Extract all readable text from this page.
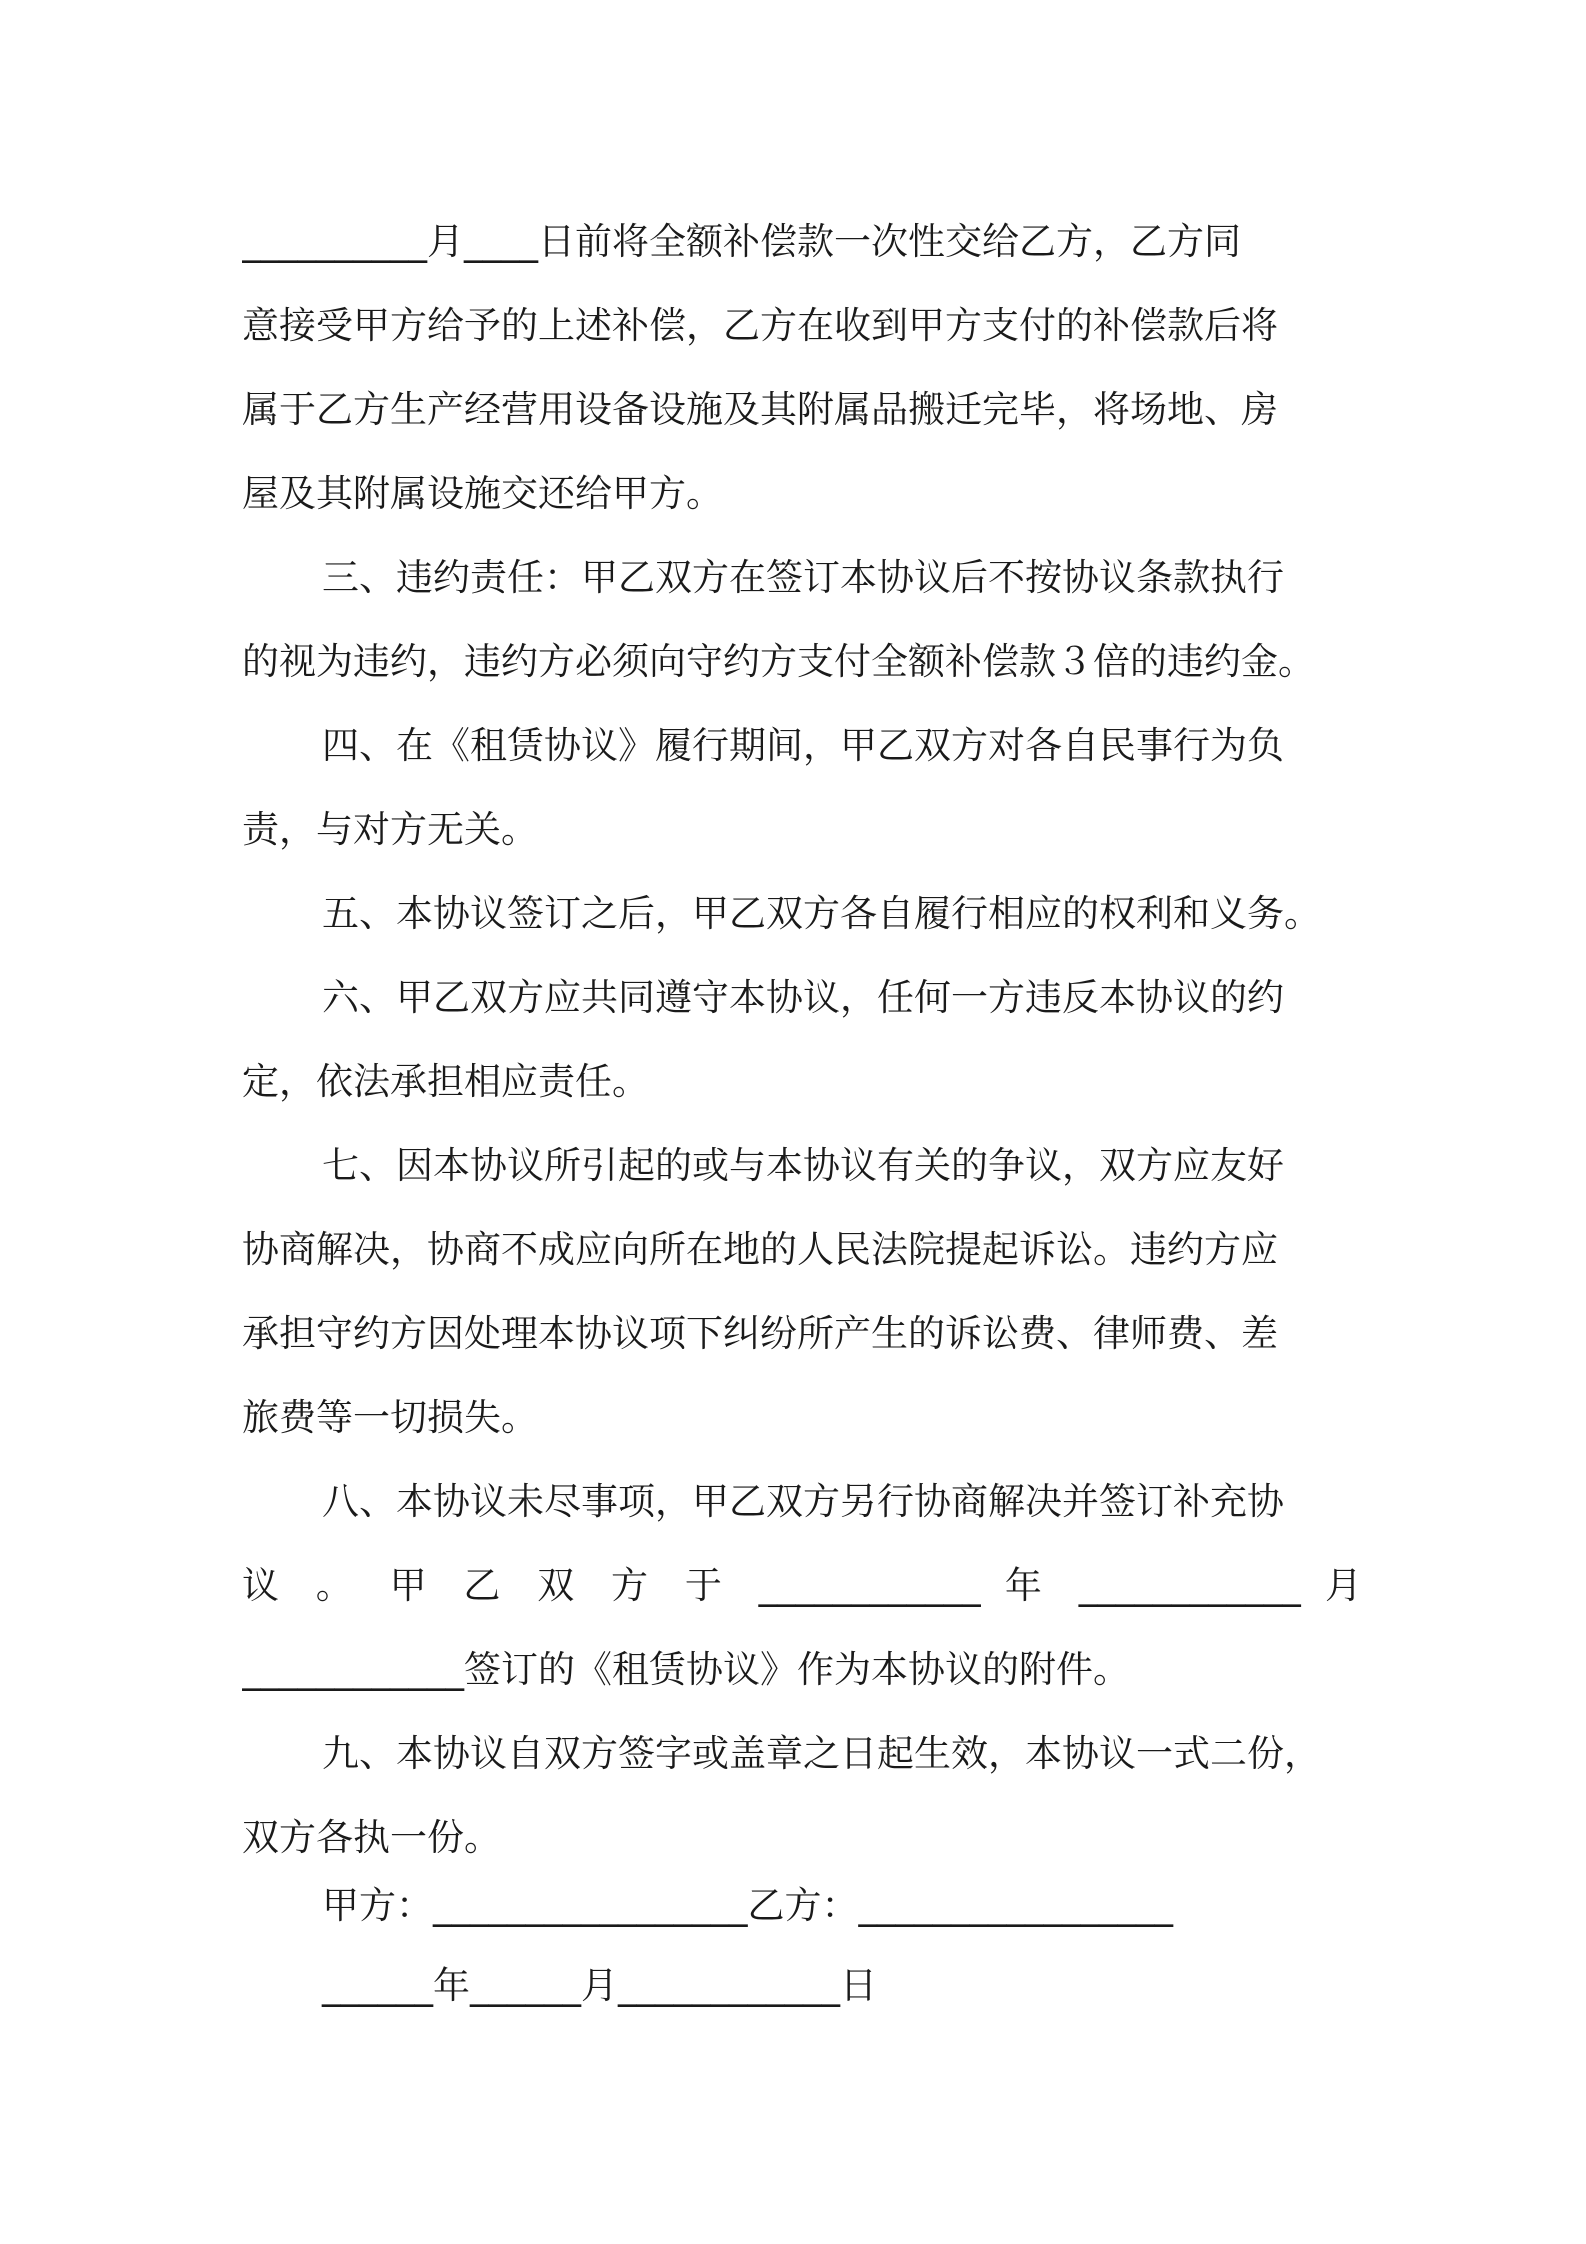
__________月____日前将全额补偿款一次性交给乙方，乙方同
意接受甲方给予的上述补偿，乙方在收到甲方支付的补偿款后将
属于乙方生产经营用设备设施及其附属品搬迁完毕，将场地、房
屋及其附属设施交还给甲方。
三、违约责任：甲乙双方在签订本协议后不按协议条款执行
的视为违约，违约方必须向守约方支付全额补偿款３倍的违约金。
四、在《租赁协议》履行期间，甲乙双方对各自民事行为负
责，与对方无关。
五、本协议签订之后，甲乙双方各自履行相应的权利和义务。
六、甲乙双方应共同遵守本协议，任何一方违反本协议的约
定，依法承担相应责任。
七、因本协议所引起的或与本协议有关的争议，双方应友好
协商解决，协商不成应向所在地的人民法院提起诉讼。违约方应
承担守约方因处理本协议项下纠纷所产生的诉讼费、律师费、差
旅费等一切损失。
八、本协议未尽事项，甲乙双方另行协商解决并签订补充协
议 。 甲 乙 双 方 于 ____________ 年 ____________ 月
____________签订的《租赁协议》作为本协议的附件。
九、本协议自双方签字或盖章之日起生效，本协议一式二份，
双方各执一份。
甲方：_________________乙方：_________________
______年______月____________日
